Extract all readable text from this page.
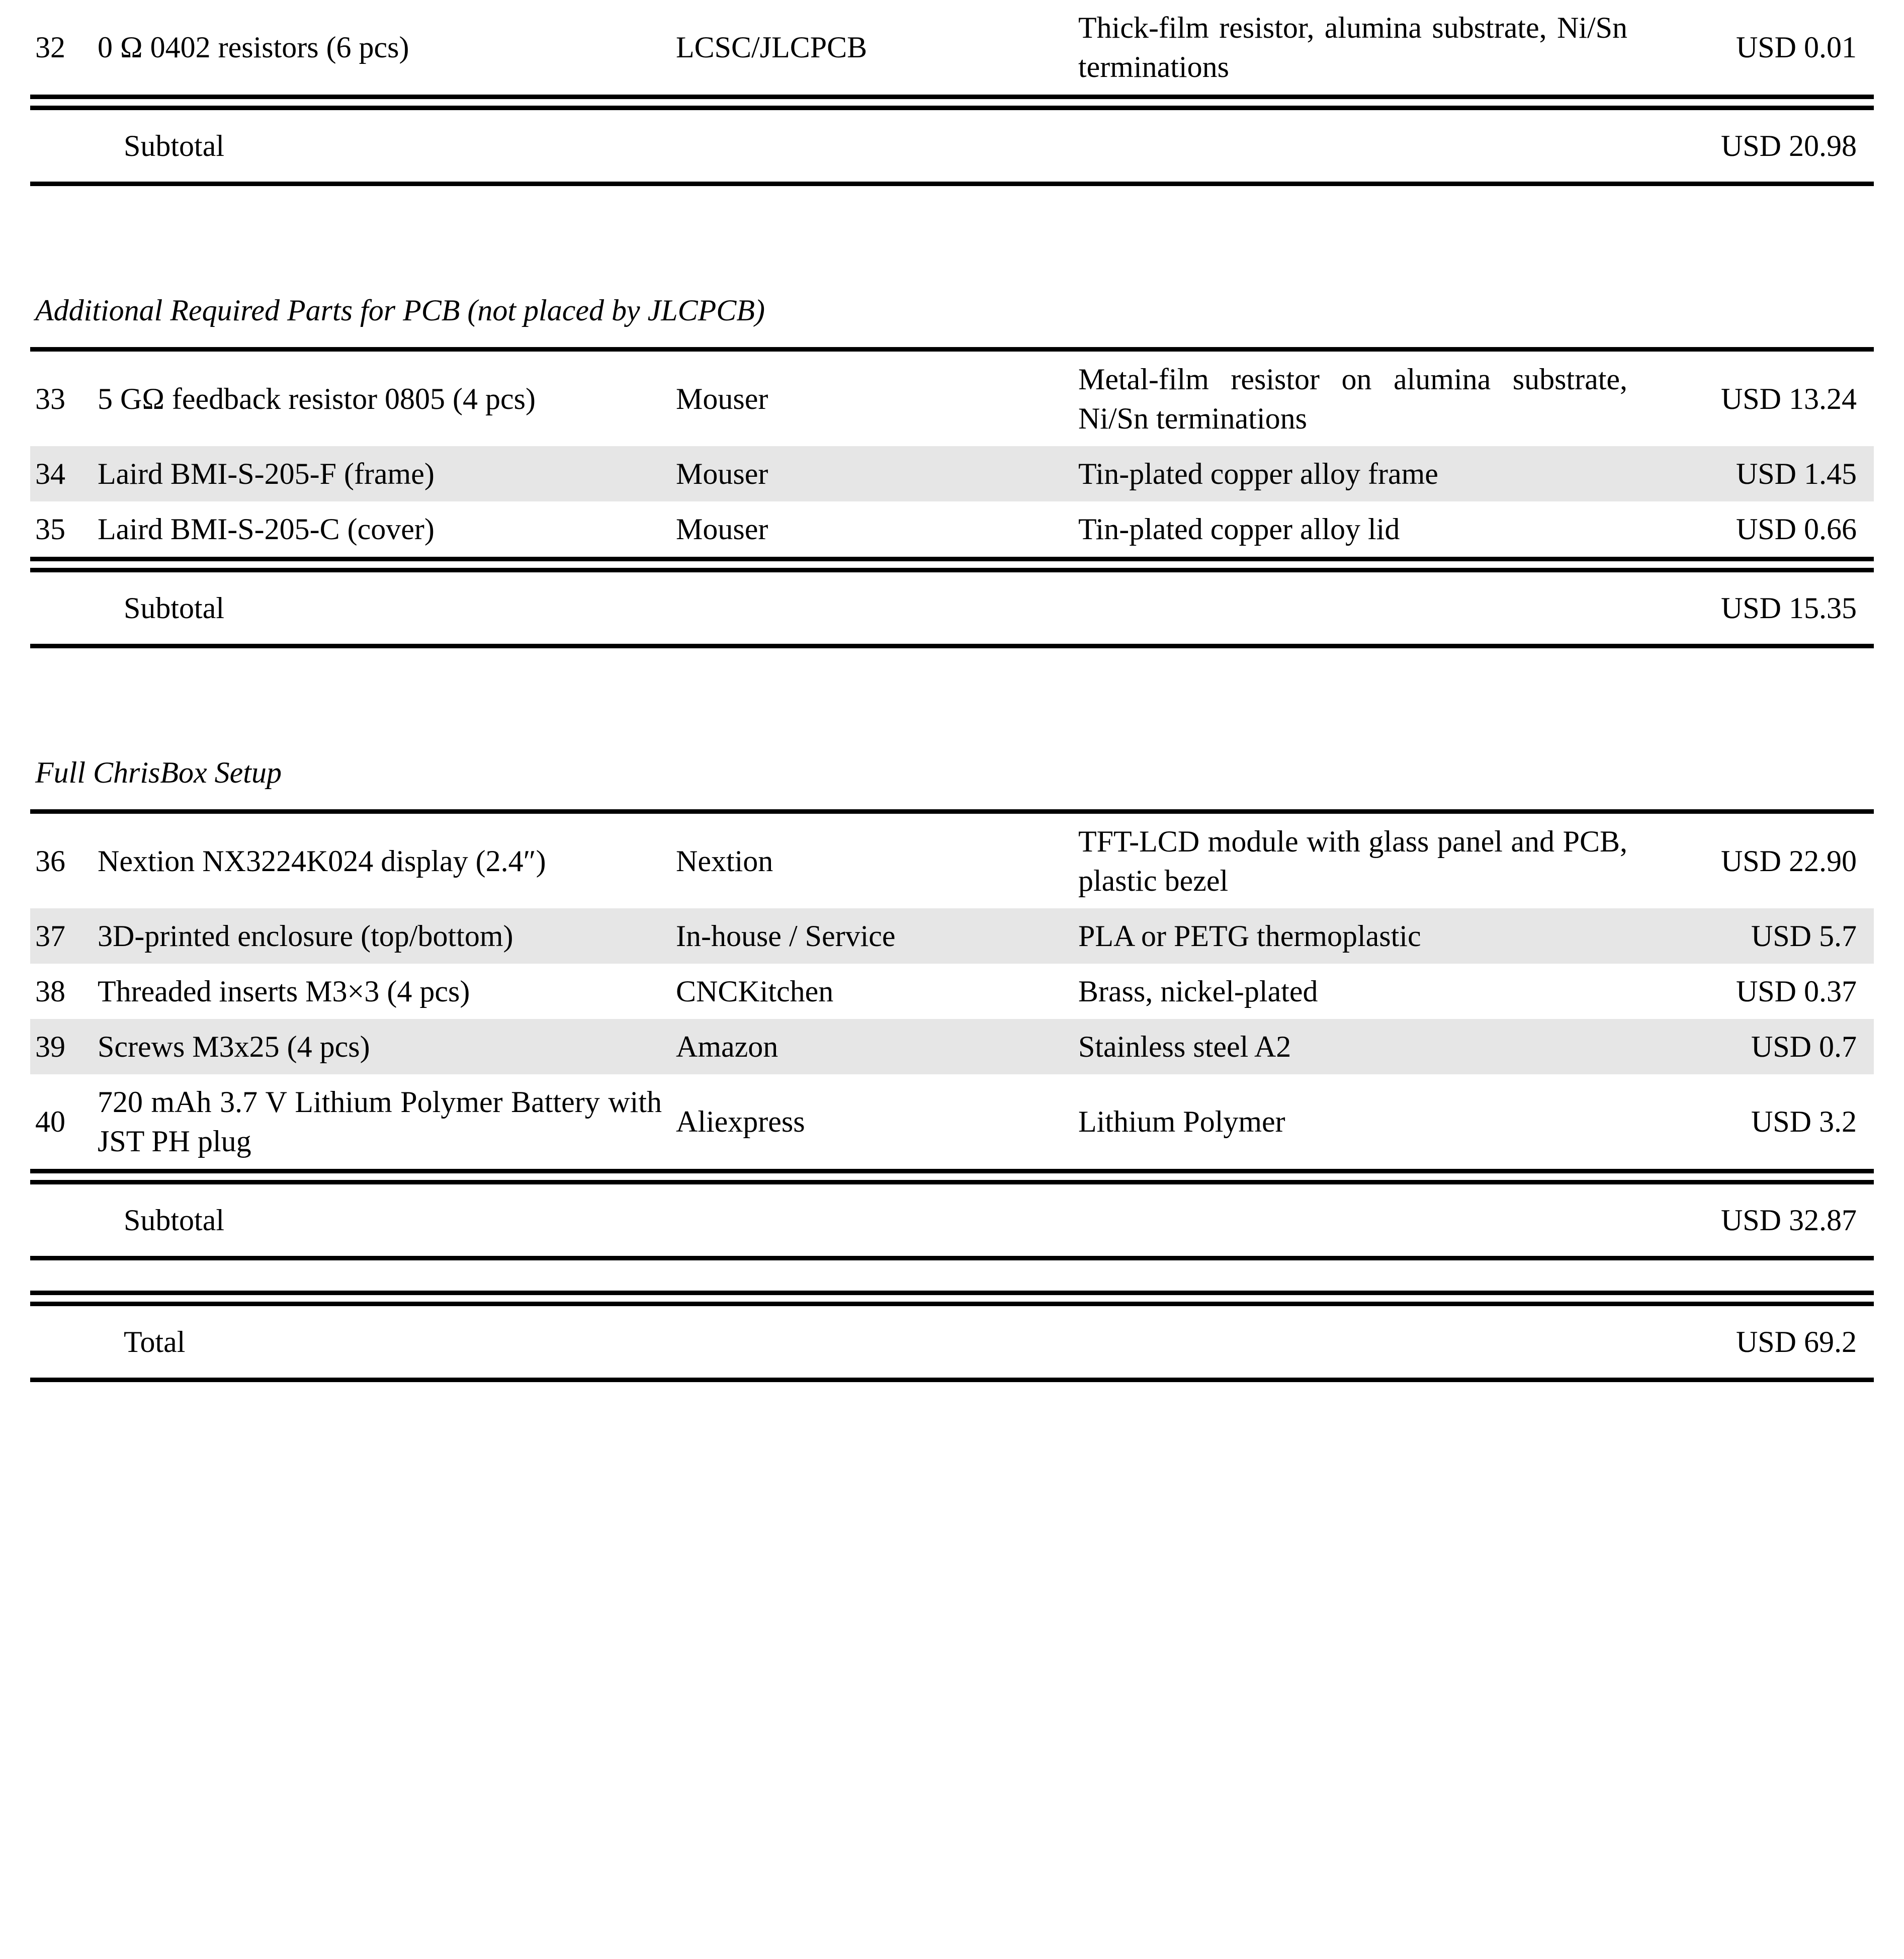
32	0 Ω 0402 resistors (6 pcs)	LCSC/JLCPCB	Thick-film resistor, alumina substrate, Ni/Sn terminations	USD 0.01

	Subtotal			USD 20.98

Additional Required Parts for PCB (not placed by JLCPCB)				

33	5 GΩ feedback resistor 0805 (4 pcs)	Mouser	Metal-film resistor on alumina substrate, Ni/Sn terminations	USD 13.24
34	Laird BMI-S-205-F (frame)	Mouser	Tin-plated copper alloy frame	USD 1.45
35	Laird BMI-S-205-C (cover)	Mouser	Tin-plated copper alloy lid	USD 0.66

	Subtotal			USD 15.35

Full ChrisBox Setup				

36	Nextion NX3224K024 display (2.4″)	Nextion	TFT-LCD module with glass panel and PCB, plastic bezel	USD 22.90
37	3D-printed enclosure (top/bottom)	In-house / Service	PLA or PETG thermoplastic	USD 5.7
38	Threaded inserts M3×3 (4 pcs)	CNCKitchen	Brass, nickel-plated	USD 0.37
39	Screws M3x25 (4 pcs)	Amazon	Stainless steel A2	USD 0.7
40	720 mAh 3.7 V Lithium Polymer Battery with JST PH plug	Aliexpress	Lithium Polymer	USD 3.2

	Subtotal			USD 32.87

	Total			USD 69.2
